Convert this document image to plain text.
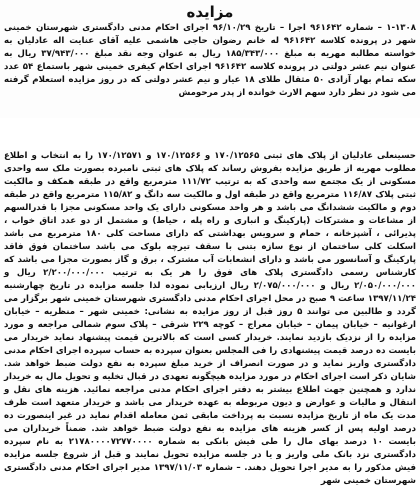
مزایده

۱-۱۳۰۸ – شماره ۹۶۱۶۴۲ اجرا – تاریخ ۹۶/۱۰/۲۹ اجرای احکام مدنی دادگستری شهرستان خمینی شهر در پرونده کلاسه ۹۶۱۶۴۲ له خانم رضوان حاجی هاشمی علیه آقای عنایت اله عادلیان به خواسته مطالبه مهریه به مبلغ ۱۸۵/۳۴۳/۰۰۰ ریال به عنوان وجه نقد مبلغ ۳۷/۹۴۳/۰۰۰ ریال به عنوان نیم عشر دولتی در پرونده کلاسه ۹۶۱۶۴۲ اجرای احکام کیفری خمینی شهر باستماع ۵۴ عدد سکه تمام بهار آزادی ۵۰ مثقال طلای ۱۸ عیار و نیم عشر دولتی که در روز مزایده استعلام گرفته می شود در نظر دارد سهم الارث خوانده از پدر مرحومش

حسینعلی عادلیان از پلاک های ثبتی ۱۷۰/۱۲۵۶۵ و ۱۷۰/۱۲۵۶۶ و ۱۷۰/۱۲۵۷۱ را به انتخاب و اطلاع مطلوب مهریه از طریق مزایده بفروش رساند که پلاک های ثبتی نامبرده بصورت ملک سه واحدی مسکونی از یک مجتمع سه واحدی که به ترتیب ۱۱۱/۷۲ مترمربع واقع در طبقه همکف و مالکیت ثبتی پلاک ۱۱۶/۸۷ مترمربع واقع در طبقه اول و مالکیت سه دانگ و ۱۱۵/۸۲ مترمربع واقع در طبقه دوم و مالکیت ششدانگ می باشد و هر واحد مسکونی دارای یک واحد مسکونی مجزا با قدرالسهم از مشاعات و مشترکات (پارکینگ و انباری و راه پله ، حیاط) و مشتمل از دو عدد اتاق خواب ، پذیرائی ، آشپزخانه ، حمام و سرویس بهداشتی که دارای مساحت کلی ۱۸۰ مترمربع می باشد اسکلت کلی ساختمان از نوع سازه بتنی با سقف تیرچه بلوک می باشد ساختمان فوق فاقد پارکینگ و آسانسور می باشد و دارای انشعابات آب مشترک ، برق و گاز بصورت مجزا می باشد که کارشناس رسمی دادگستری پلاک های فوق را هر یک به ترتیب ۲/۲۰۰/۰۰۰/۰۰۰ ریال و ۲/۰۵۰/۰۰۰/۰۰۰ ریال و ۲/۰۷۵/۰۰۰/۰۰۰ ریال ارزیابی نموده لذا جلسه مزایده در تاریخ چهارشنبه ۱۳۹۷/۱۱/۲۴ ساعت ۹ صبح در محل اجرای احکام مدنی دادگستری شهرستان خمینی شهر برگزار می گردد و طالبین می توانند ۵ روز قبل از روز مزایده به نشانی: خمینی شهر – منظریه – خیابان ارغوانیه – خیابان پیمان – خیابان معراج – کوچه ۲۲۹ شرقی – پلاک سوم شمالی مراجعه و مورد مزایده را از نزدیک بازدید نمایند. خریدار کسی است که بالاترین قیمت پیشنهاد نماید خریدار می بایست ده درصد قیمت پیشنهادی را فی المجلس بعنوان سپرده به حساب سپرده اجرای احکام مدنی دادگستری واریز نماید و در صورت انصراف از خرید مبلغ سپرده به نفع دولت ضبط خواهد شد. شایان ذکر است اجرای احکام در مورد مزایده هیچگونه تعهدی در قبال تخلیه و تحویل مال به خریدار ندارد و همچنین جهت اطلاع بیشتر به دفتر اجرای احکام مدنی مراجعه نمائید. هزینه های نقل و انتقال و مالیات و عوارض و دیون مربوطه به عهده خریدار می باشد و خریدار متعهد است ظرف مدت یک ماه از تاریخ مزایده نسبت به پرداخت مابقی ثمن معامله اقدام نماید در غیر اینصورت ده درصد اولیه پس از کسر هزینه های مزایده به نفع دولت ضبط خواهد شد. ضمناً خریداران می بایست ۱۰ درصد بهای مال را طی فیش بانکی به شماره ۲۱۷۸۰۰۰۰۷۲۷۷۰۰۰۰ به نام سپرده دادگستری نزد بانک ملی واریز و یا در جلسه مزایده تحویل نمایند و قبل از شروع جلسه مزایده فیش مذکور را به مدیر اجرا تحویل دهند. – شماره ۱۳۹۷/۱۱/۰۳ مدیر اجرای احکام مدنی دادگستری شهرستان خمینی شهر
